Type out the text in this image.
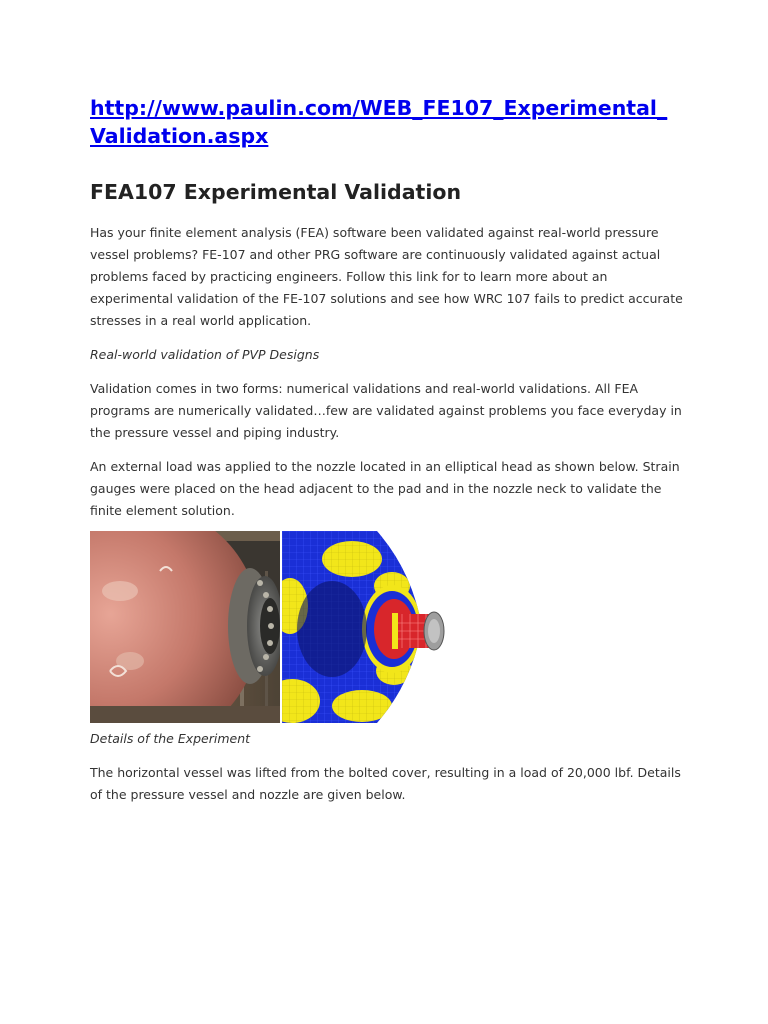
http://www.paulin.com/WEB_FE107_Experimental_Validation.aspx
FEA107 Experimental Validation

Has your finite element analysis (FEA) software been validated against real-world pressure vessel problems? FE-107 and other PRG software are continuously validated against actual problems faced by practicing engineers. Follow this link for to learn more about an experimental validation of the FE-107 solutions and see how WRC 107 fails to predict accurate stresses in a real world application.

Real-world validation of PVP Designs

Validation comes in two forms: numerical validations and real-world validations. All FEA programs are numerically validated…few are validated against problems you face everyday in the pressure vessel and piping industry.

An external load was applied to the nozzle located in an elliptical head as shown below. Strain gauges were placed on the head adjacent to the pad and in the nozzle neck to validate the finite element solution.

Details of the Experiment

The horizontal vessel was lifted from the bolted cover, resulting in a load of 20,000 lbf. Details of the pressure vessel and nozzle are given below.
